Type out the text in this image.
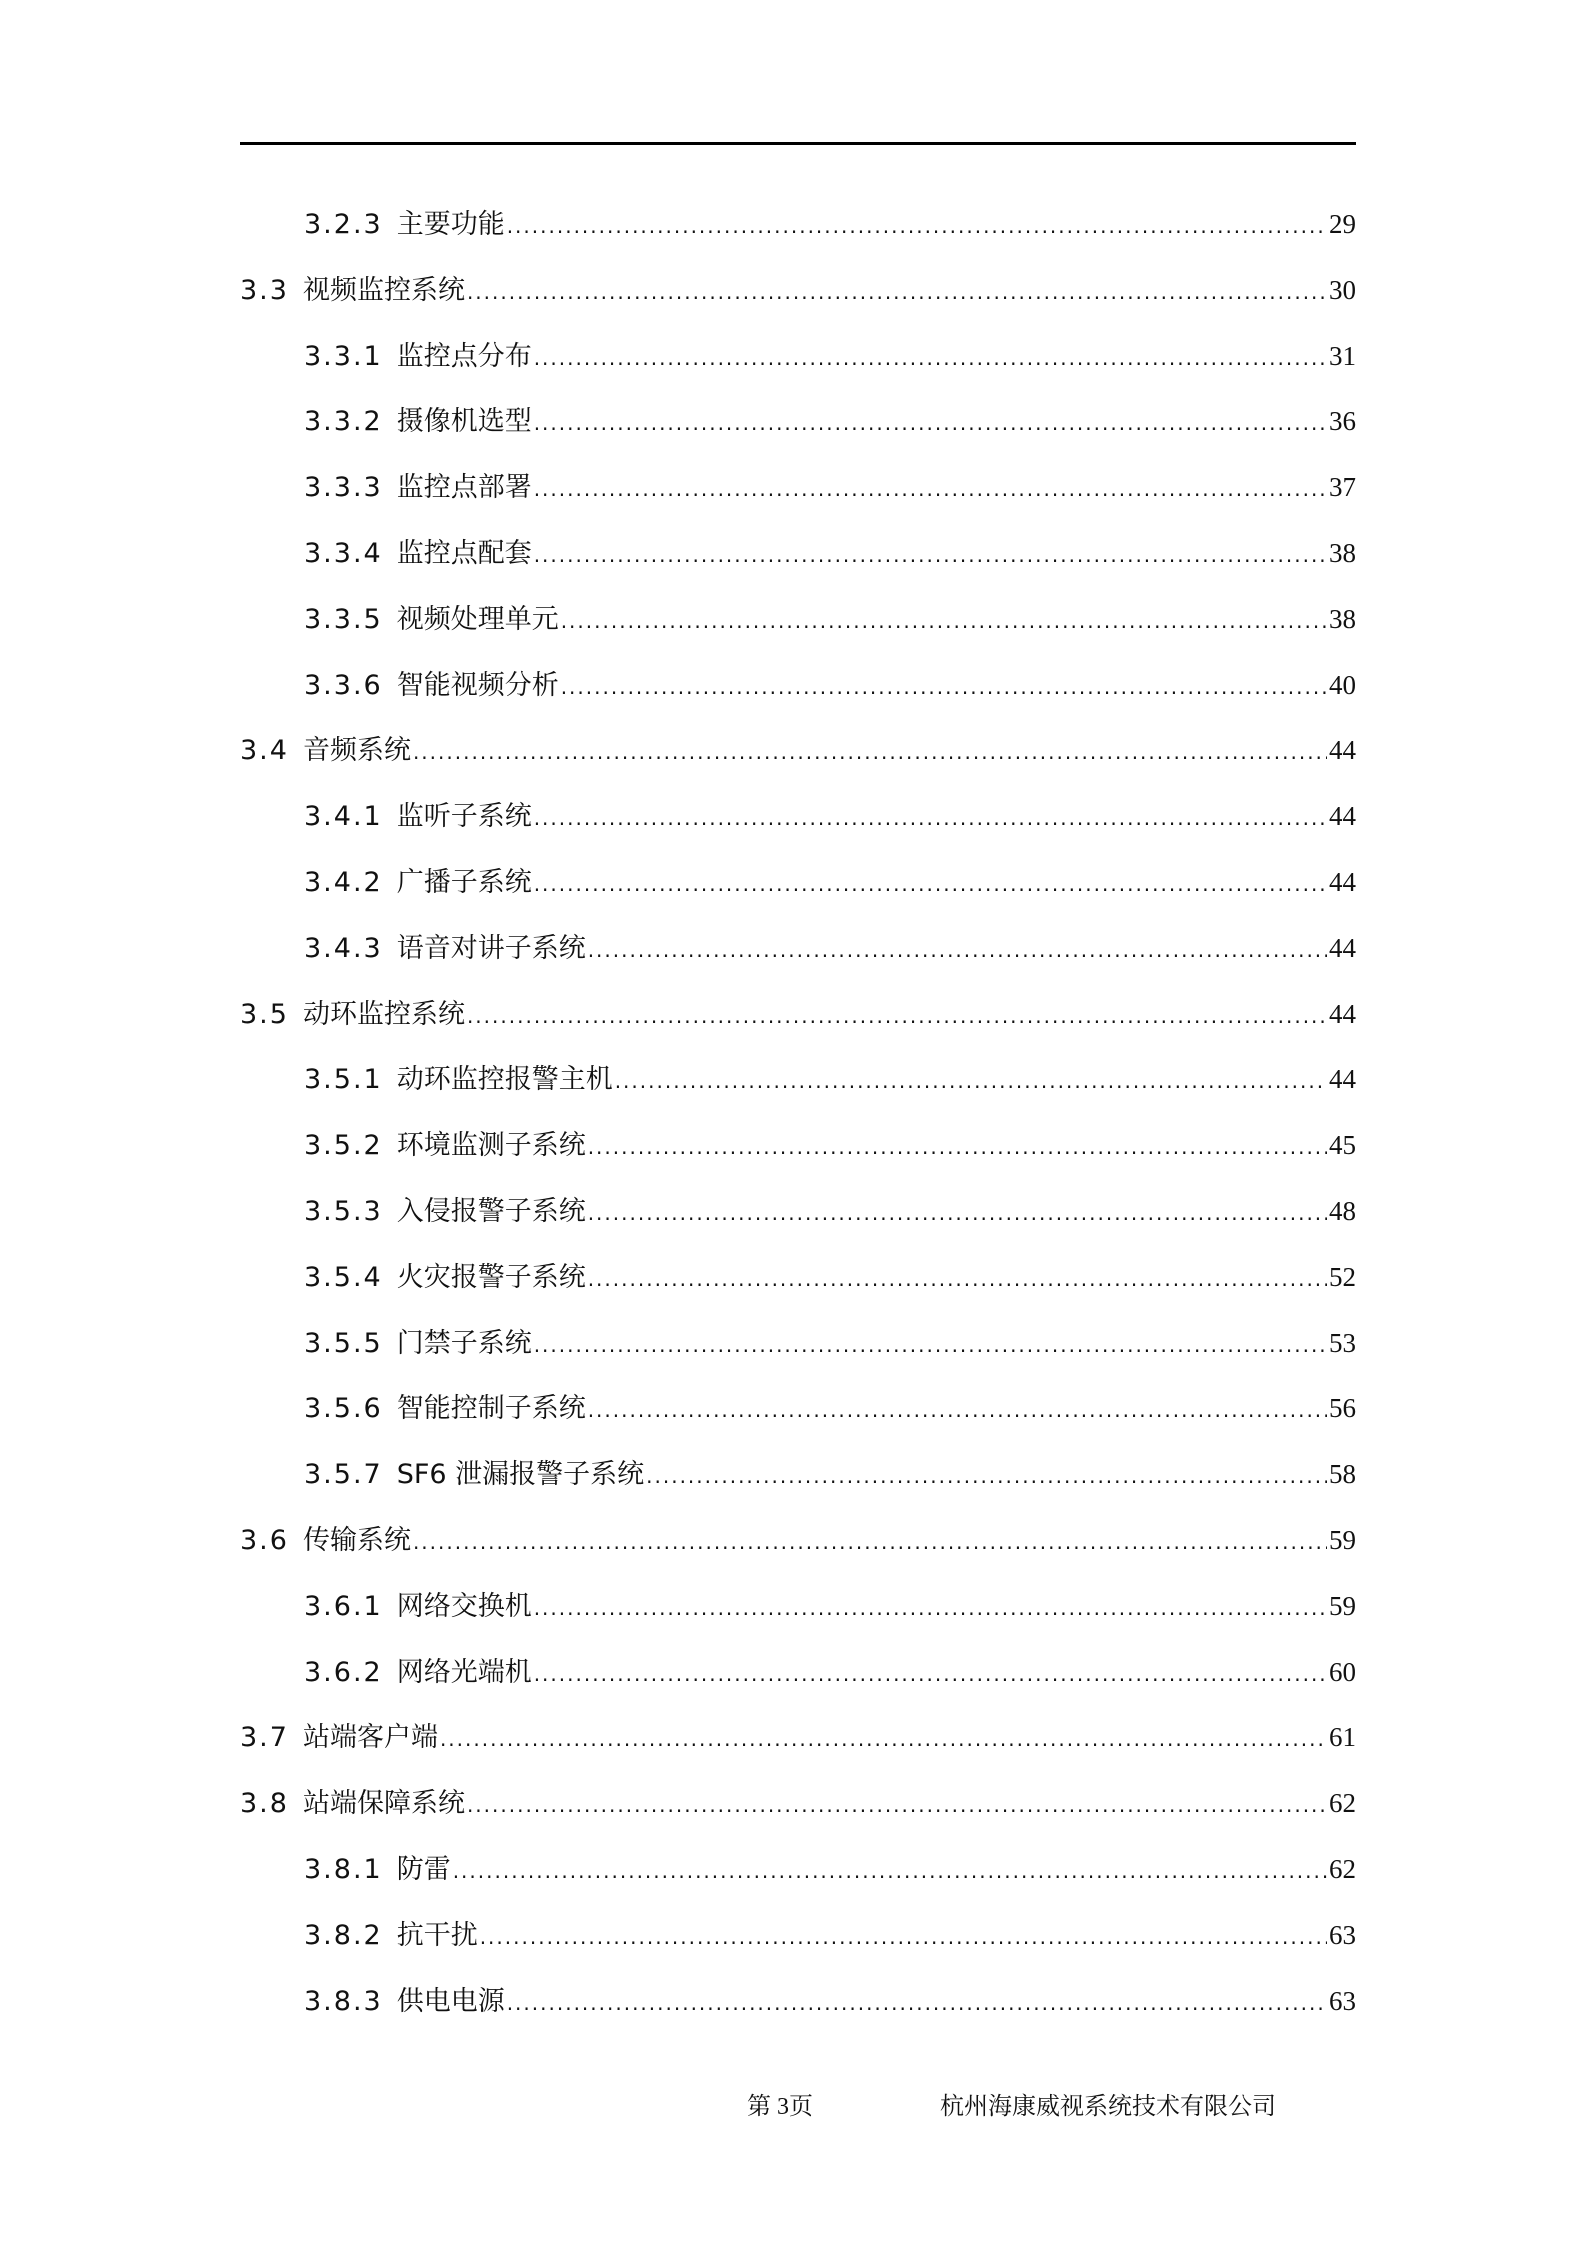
3.2.3 主要功能 .....	29
3.3 视频监控系统 .....	30
3.3.1 监控点分布 .....	31
3.3.2 摄像机选型 .....	36
3.3.3 监控点部署 .....	37
3.3.4 监控点配套 .....	38
3.3.5 视频处理单元 .....	38
3.3.6 智能视频分析 .....	40
3.4 音频系统 .....	44
3.4.1 监听子系统 .....	44
3.4.2 广播子系统 .....	44
3.4.3 语音对讲子系统 .....	44
3.5 动环监控系统 .....	44
3.5.1 动环监控报警主机 .....	44
3.5.2 环境监测子系统 .....	45
3.5.3 入侵报警子系统 .....	48
3.5.4 火灾报警子系统 .....	52
3.5.5 门禁子系统 .....	53
3.5.6 智能控制子系统 .....	56
3.5.7 SF6 泄漏报警子系统 .....	58
3.6 传输系统 .....	59
3.6.1 网络交换机 .....	59
3.6.2 网络光端机 .....	60
3.7 站端客户端 .....	61
3.8 站端保障系统 .....	62
3.8.1 防雷 .....	62
3.8.2 抗干扰 .....	63
3.8.3 供电电源 .....	63
第 3页	杭州海康威视系统技术有限公司
